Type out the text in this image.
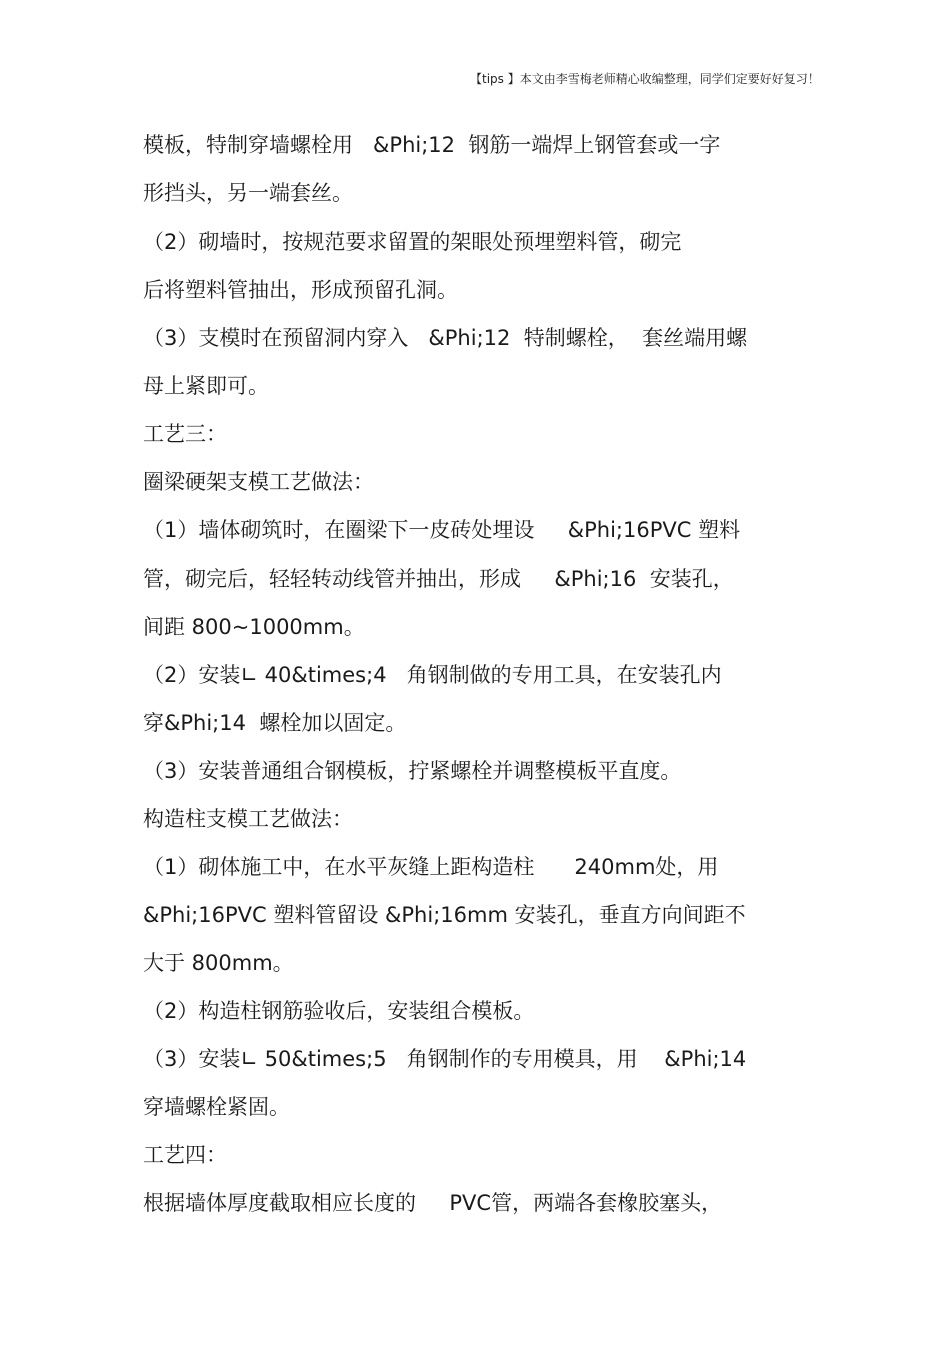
【tips 】本文由李雪梅老师精心收编整理，同学们定要好好复习！
模板，特制穿墙螺栓用   &Phi;12  钢筋一端焊上钢管套或一字
形挡头，另一端套丝。
（2）砌墙时，按规范要求留置的架眼处预埋塑料管，砌完
后将塑料管抽出，形成预留孔洞。
（3）支模时在预留洞内穿入   &Phi;12  特制螺栓，  套丝端用螺
母上紧即可。
工艺三：
圈梁硬架支模工艺做法：
（1）墙体砌筑时，在圈梁下一皮砖处埋设     &Phi;16PVC 塑料
管，砌完后，轻轻转动线管并抽出，形成     &Phi;16  安装孔，
间距 800~1000mm。
（2）安装∟ 40&times;4   角钢制做的专用工具，在安装孔内
穿&Phi;14  螺栓加以固定。
（3）安装普通组合钢模板，拧紧螺栓并调整模板平直度。
构造柱支模工艺做法：
（1）砌体施工中，在水平灰缝上距构造柱      240mm处，用
&Phi;16PVC 塑料管留设 &Phi;16mm 安装孔，垂直方向间距不
大于 800mm。
（2）构造柱钢筋验收后，安装组合模板。
（3）安装∟ 50&times;5   角钢制作的专用模具，用    &Phi;14
穿墙螺栓紧固。
工艺四：
根据墙体厚度截取相应长度的     PVC管，两端各套橡胶塞头，
